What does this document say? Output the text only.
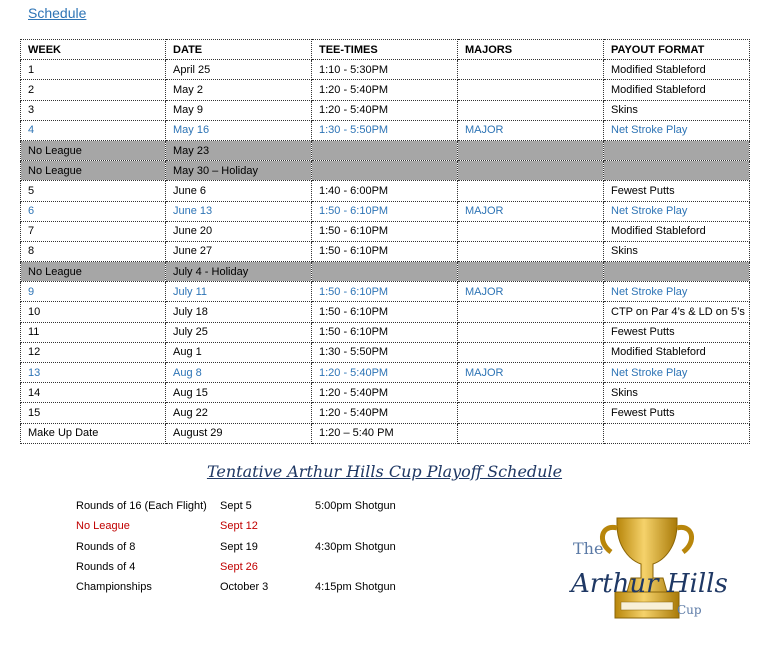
Schedule
WEEK	DATE	TEE-TIMES	MAJORS	PAYOUT FORMAT
1	April 25	1:10 - 5:30PM		Modified Stableford
2	May 2	1:20 - 5:40PM		Modified Stableford
3	May 9	1:20 - 5:40PM		Skins
4	May 16	1:30 - 5:50PM	MAJOR	Net Stroke Play
No League	May 23			
No League	May 30 – Holiday			
5	June 6	1:40 - 6:00PM		Fewest Putts
6	June 13	1:50 - 6:10PM	MAJOR	Net Stroke Play
7	June 20	1:50 - 6:10PM		Modified Stableford
8	June 27	1:50 - 6:10PM		Skins
No League	July 4 - Holiday			
9	July 11	1:50 - 6:10PM	MAJOR	Net Stroke Play
10	July 18	1:50 - 6:10PM		CTP on Par 4’s & LD on 5’s
11	July 25	1:50 - 6:10PM		Fewest Putts
12	Aug 1	1:30 - 5:50PM		Modified Stableford
13	Aug 8	1:20 - 5:40PM	MAJOR	Net Stroke Play
14	Aug 15	1:20 - 5:40PM		Skins
15	Aug 22	1:20 - 5:40PM		Fewest Putts
Make Up Date	August 29	1:20 – 5:40 PM		
Tentative Arthur Hills Cup Playoff Schedule
Rounds of 16 (Each Flight) Sept 5	5:00pm Shotgun
No League	Sept 12
Rounds of 8	Sept 19	4:30pm Shotgun
Rounds of 4	Sept 26
Championships	October 3	4:15pm Shotgun
The
Arthur Hills
Cup
